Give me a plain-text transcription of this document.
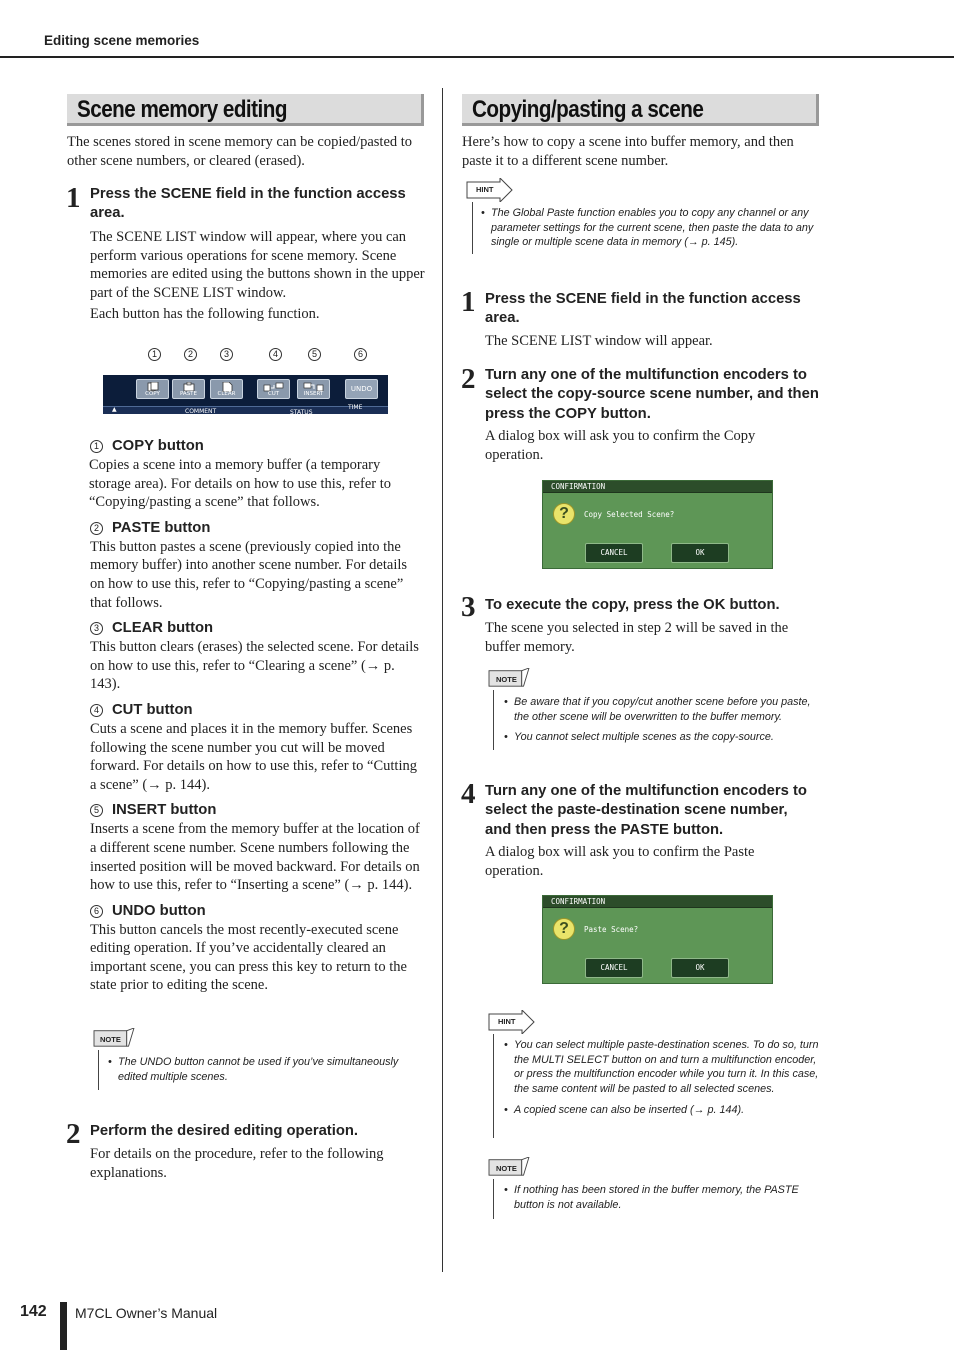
Editing scene memories
Scene memory editing
The scenes stored in scene memory can be copied/pasted to other scene numbers, or cleared (erased).
1 Press the SCENE field in the function access area.
The SCENE LIST window will appear, where you can perform various operations for scene memory. Scene memories are edited using the buttons shown in the upper part of the SCENE LIST window.
Each button has the following function.
1	2	3	4	5	6
COPY	PASTE	CLEAR	CUT	INSERT
UNDO
▲	COMMENT	STATUS
TIME
1 COPY button
Copies a scene into a memory buffer (a temporary storage area). For details on how to use this, refer to “Copying/pasting a scene” that follows.
2 PASTE button
This button pastes a scene (previously copied into the memory buffer) into another scene number. For details on how to use this, refer to “Copying/pasting a scene” that follows.
3 CLEAR button
This button clears (erases) the selected scene. For details on how to use this, refer to “Clearing a scene” (→ p. 143).
4 CUT button
Cuts a scene and places it in the memory buffer. Scenes following the scene number you cut will be moved forward. For details on how to use this, refer to “Cutting a scene” (→ p. 144).
5 INSERT button
Inserts a scene from the memory buffer at the location of a different scene number. Scene numbers following the inserted position will be moved backward. For details on how to use this, refer to “Inserting a scene” (→ p. 144).
6 UNDO button
This button cancels the most recently-executed scene editing operation. If you’ve accidentally cleared an important scene, you can press this key to return to the state prior to editing the scene.
NOTE
• The UNDO button cannot be used if you’ve simultaneously edited multiple scenes.
2 Perform the desired editing operation.
For details on the procedure, refer to the following explanations.
Copying/pasting a scene
Here’s how to copy a scene into buffer memory, and then paste it to a different scene number.
HINT
• The Global Paste function enables you to copy any channel or any parameter settings for the current scene, then paste the data to any single or multiple scene data in memory (→ p. 145).
1 Press the SCENE field in the function access area.
The SCENE LIST window will appear.
2 Turn any one of the multifunction encoders to select the copy-source scene number, and then press the COPY button.
A dialog box will ask you to confirm the Copy operation.
CONFIRMATION
?	Copy Selected Scene?
CANCEL	OK
3 To execute the copy, press the OK button.
The scene you selected in step 2 will be saved in the buffer memory.
NOTE
• Be aware that if you copy/cut another scene before you paste, the other scene will be overwritten to the buffer memory.
• You cannot select multiple scenes as the copy-source.
4 Turn any one of the multifunction encoders to select the paste-destination scene number, and then press the PASTE button.
A dialog box will ask you to confirm the Paste operation.
CONFIRMATION
?	Paste Scene?
CANCEL	OK
HINT
• You can select multiple paste-destination scenes. To do so, turn the MULTI SELECT button on and turn a multifunction encoder, or press the multifunction encoder while you turn it. In this case, the same content will be pasted to all selected scenes.
• A copied scene can also be inserted (→ p. 144).
NOTE
• If nothing has been stored in the buffer memory, the PASTE button is not available.
142 M7CL Owner’s Manual
